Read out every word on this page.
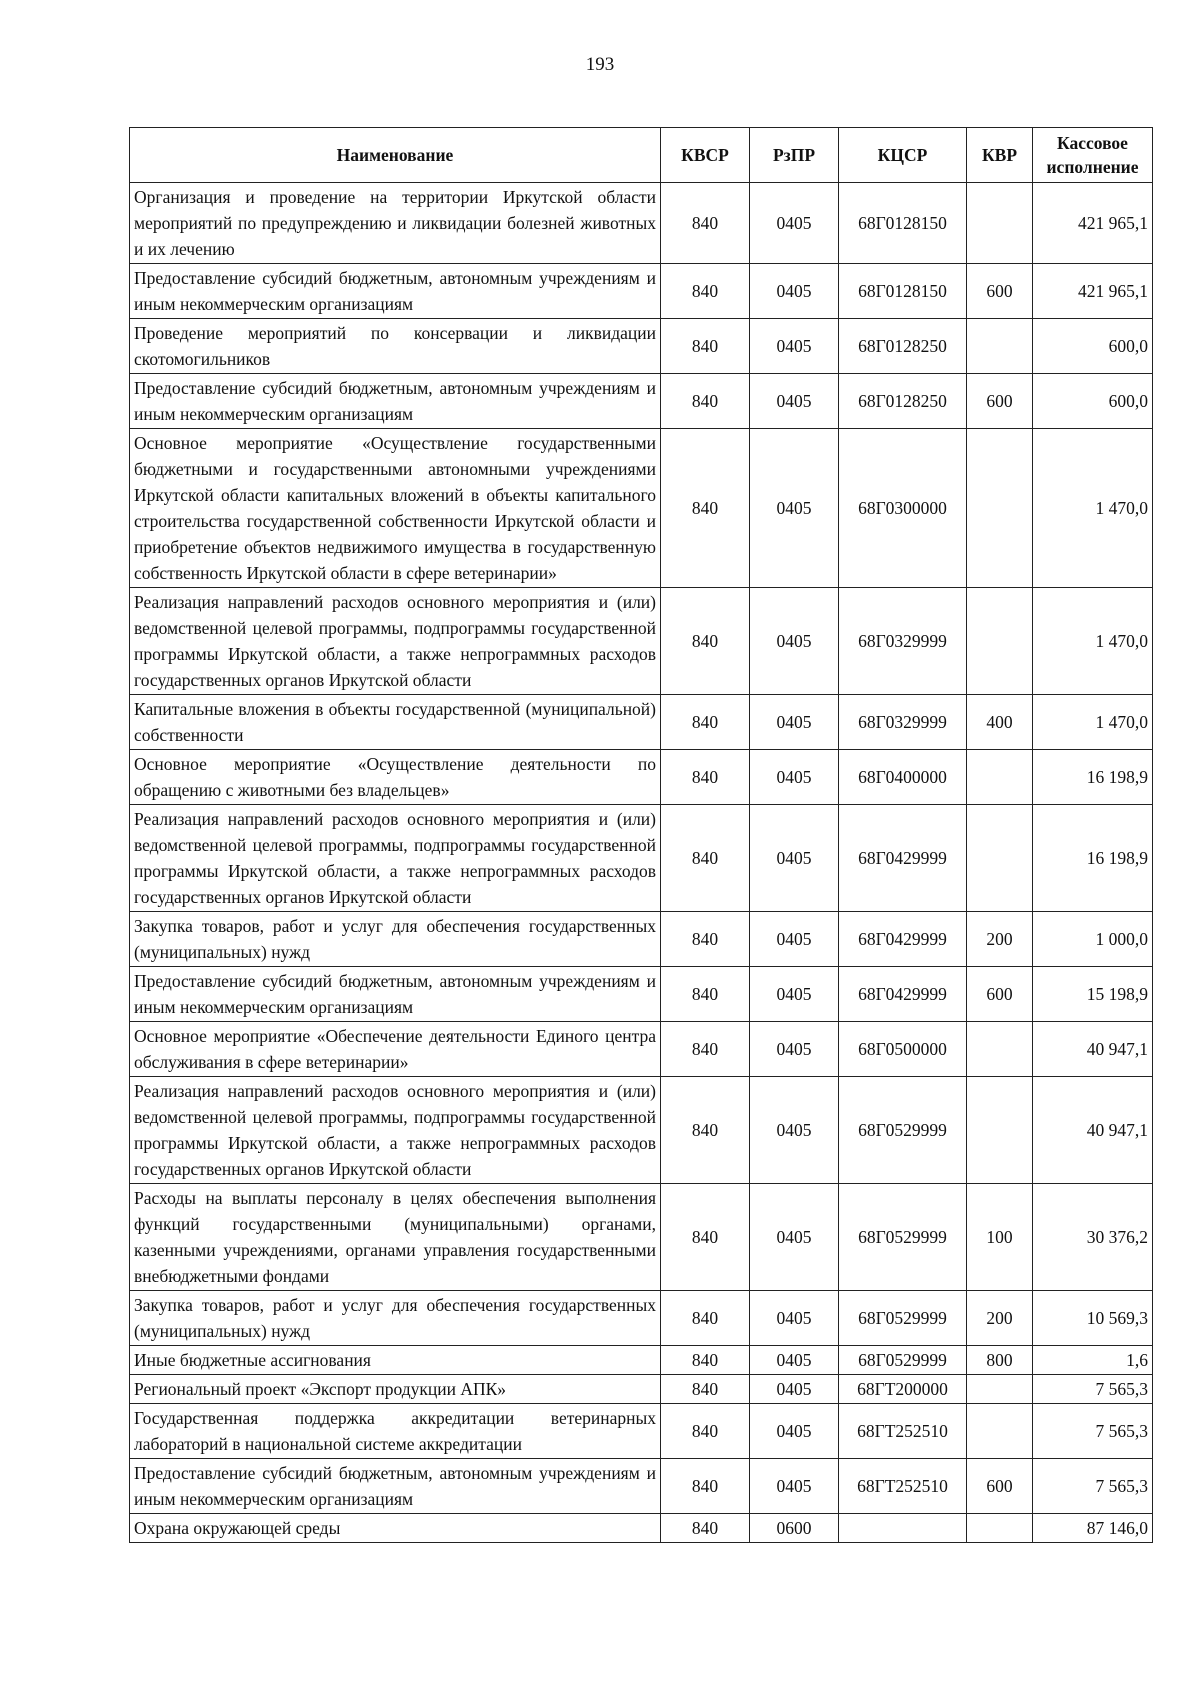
193
Наименование	КВСР	РзПР	КЦСР	КВР	Кассовое исполнение
Организация и проведение на территории Иркутской области мероприятий по предупреждению и ликвидации болезней животных и их лечению	840	0405	68Г0128150		421 965,1
Предоставление субсидий бюджетным, автономным учреждениям и иным некоммерческим организациям	840	0405	68Г0128150	600	421 965,1
Проведение мероприятий по консервации и ликвидации скотомогильников	840	0405	68Г0128250		600,0
Предоставление субсидий бюджетным, автономным учреждениям и иным некоммерческим организациям	840	0405	68Г0128250	600	600,0
Основное мероприятие «Осуществление государственными бюджетными и государственными автономными учреждениями Иркутской области капитальных вложений в объекты капитального строительства государственной собственности Иркутской области и приобретение объектов недвижимого имущества в государственную собственность Иркутской области в сфере ветеринарии»	840	0405	68Г0300000		1 470,0
Реализация направлений расходов основного мероприятия и (или) ведомственной целевой программы, подпрограммы государственной программы Иркутской области, а также непрограммных расходов государственных органов Иркутской области	840	0405	68Г0329999		1 470,0
Капитальные вложения в объекты государственной (муниципальной) собственности	840	0405	68Г0329999	400	1 470,0
Основное мероприятие «Осуществление деятельности по обращению с животными без владельцев»	840	0405	68Г0400000		16 198,9
Реализация направлений расходов основного мероприятия и (или) ведомственной целевой программы, подпрограммы государственной программы Иркутской области, а также непрограммных расходов государственных органов Иркутской области	840	0405	68Г0429999		16 198,9
Закупка товаров, работ и услуг для обеспечения государственных (муниципальных) нужд	840	0405	68Г0429999	200	1 000,0
Предоставление субсидий бюджетным, автономным учреждениям и иным некоммерческим организациям	840	0405	68Г0429999	600	15 198,9
Основное мероприятие «Обеспечение деятельности Единого центра обслуживания в сфере ветеринарии»	840	0405	68Г0500000		40 947,1
Реализация направлений расходов основного мероприятия и (или) ведомственной целевой программы, подпрограммы государственной программы Иркутской области, а также непрограммных расходов государственных органов Иркутской области	840	0405	68Г0529999		40 947,1
Расходы на выплаты персоналу в целях обеспечения выполнения функций государственными (муниципальными) органами, казенными учреждениями, органами управления государственными внебюджетными фондами	840	0405	68Г0529999	100	30 376,2
Закупка товаров, работ и услуг для обеспечения государственных (муниципальных) нужд	840	0405	68Г0529999	200	10 569,3
Иные бюджетные ассигнования	840	0405	68Г0529999	800	1,6
Региональный проект «Экспорт продукции АПК»	840	0405	68ГТ200000		7 565,3
Государственная поддержка аккредитации ветеринарных лабораторий в национальной системе аккредитации	840	0405	68ГТ252510		7 565,3
Предоставление субсидий бюджетным, автономным учреждениям и иным некоммерческим организациям	840	0405	68ГТ252510	600	7 565,3
Охрана окружающей среды	840	0600			87 146,0
